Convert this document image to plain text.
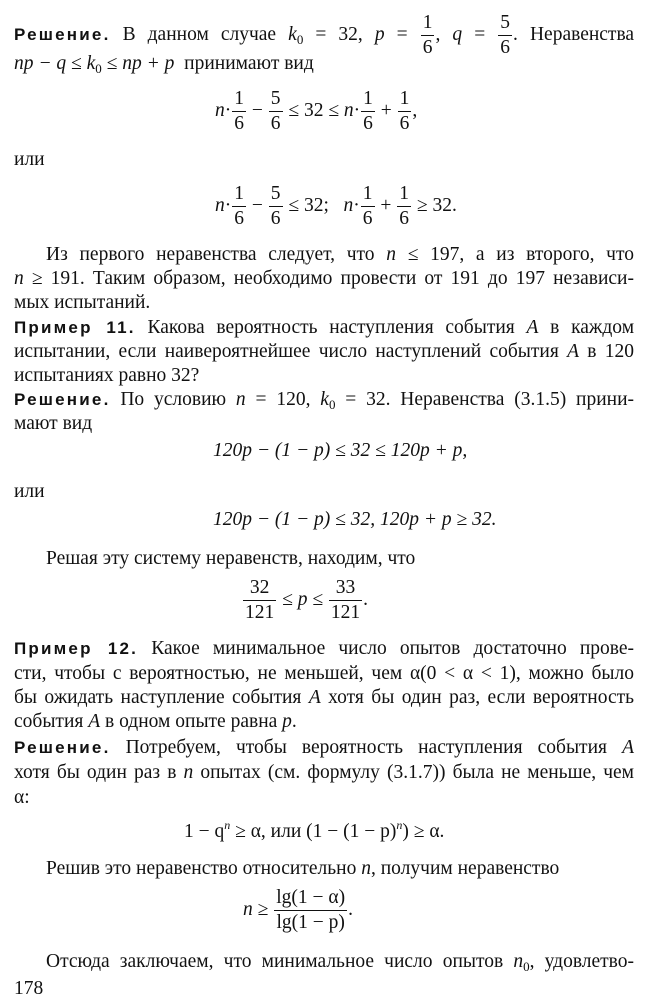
Решение. В данном случае $k_0 = 32$, $p = \frac{1}{6}$ , $q = \frac{5}{6}$ . Неравенства
np − $q \le k_0$ ≤ np + p принимают вид
$n\cdot \frac{1}{6} - \frac{5}{6} \le 32 \le n\cdot \frac{1}{6} + \frac{1}{6}$ ,
или
$n\cdot \frac{1}{6} - \frac{5}{6} \le 32$; $n\cdot \frac{1}{6} + \frac{1}{6} \ge 32$.
Из первого неравенства следует, что n ≤ 197, а из второго, что
n ≥ 191. Таким образом, необходимо провести от 191 до 197 независи-
мых испытаний.
Пример 11. Какова вероятность наступления события A в каждом
испытании, если наивероятнейшее число наступлений события A в 120
испытаниях равно 32?
Решение. По условию n = 120, $k_0 = 32$. Неравенства (3.1.5) прини-
мают вид
120p − (1 − p) ≤ 32 ≤ 120p + p,
или
120p − (1 − p) ≤ 32, 120p + p ≥ 32.
Решая эту систему неравенств, находим, что
$\frac{32}{121} \le p \le \frac{33}{121}$ .
Пример 12. Какое минимальное число опытов достаточно прове-
сти, чтобы с вероятностью, не меньшей, чем α(0 < α < 1), можно было
бы ожидать наступление события A хотя бы один раз, если вероятность
события A в одном опыте равна p.
Решение. Потребуем, чтобы вероятность наступления события A
хотя бы один раз в n опытах (см. формулу (3.1.7)) была не меньше, чем
α:
$1 - q^n \ge \alpha$, или $(1 - (1 - p)^n) \ge \alpha$.
Решив это неравенство относительно n, получим неравенство
$n \ge \frac{\lg(1 - \alpha)}{\lg(1 - p)}$ .
Отсюда заключаем, что минимальное число опытов $n_0$, удовлетво-
178
